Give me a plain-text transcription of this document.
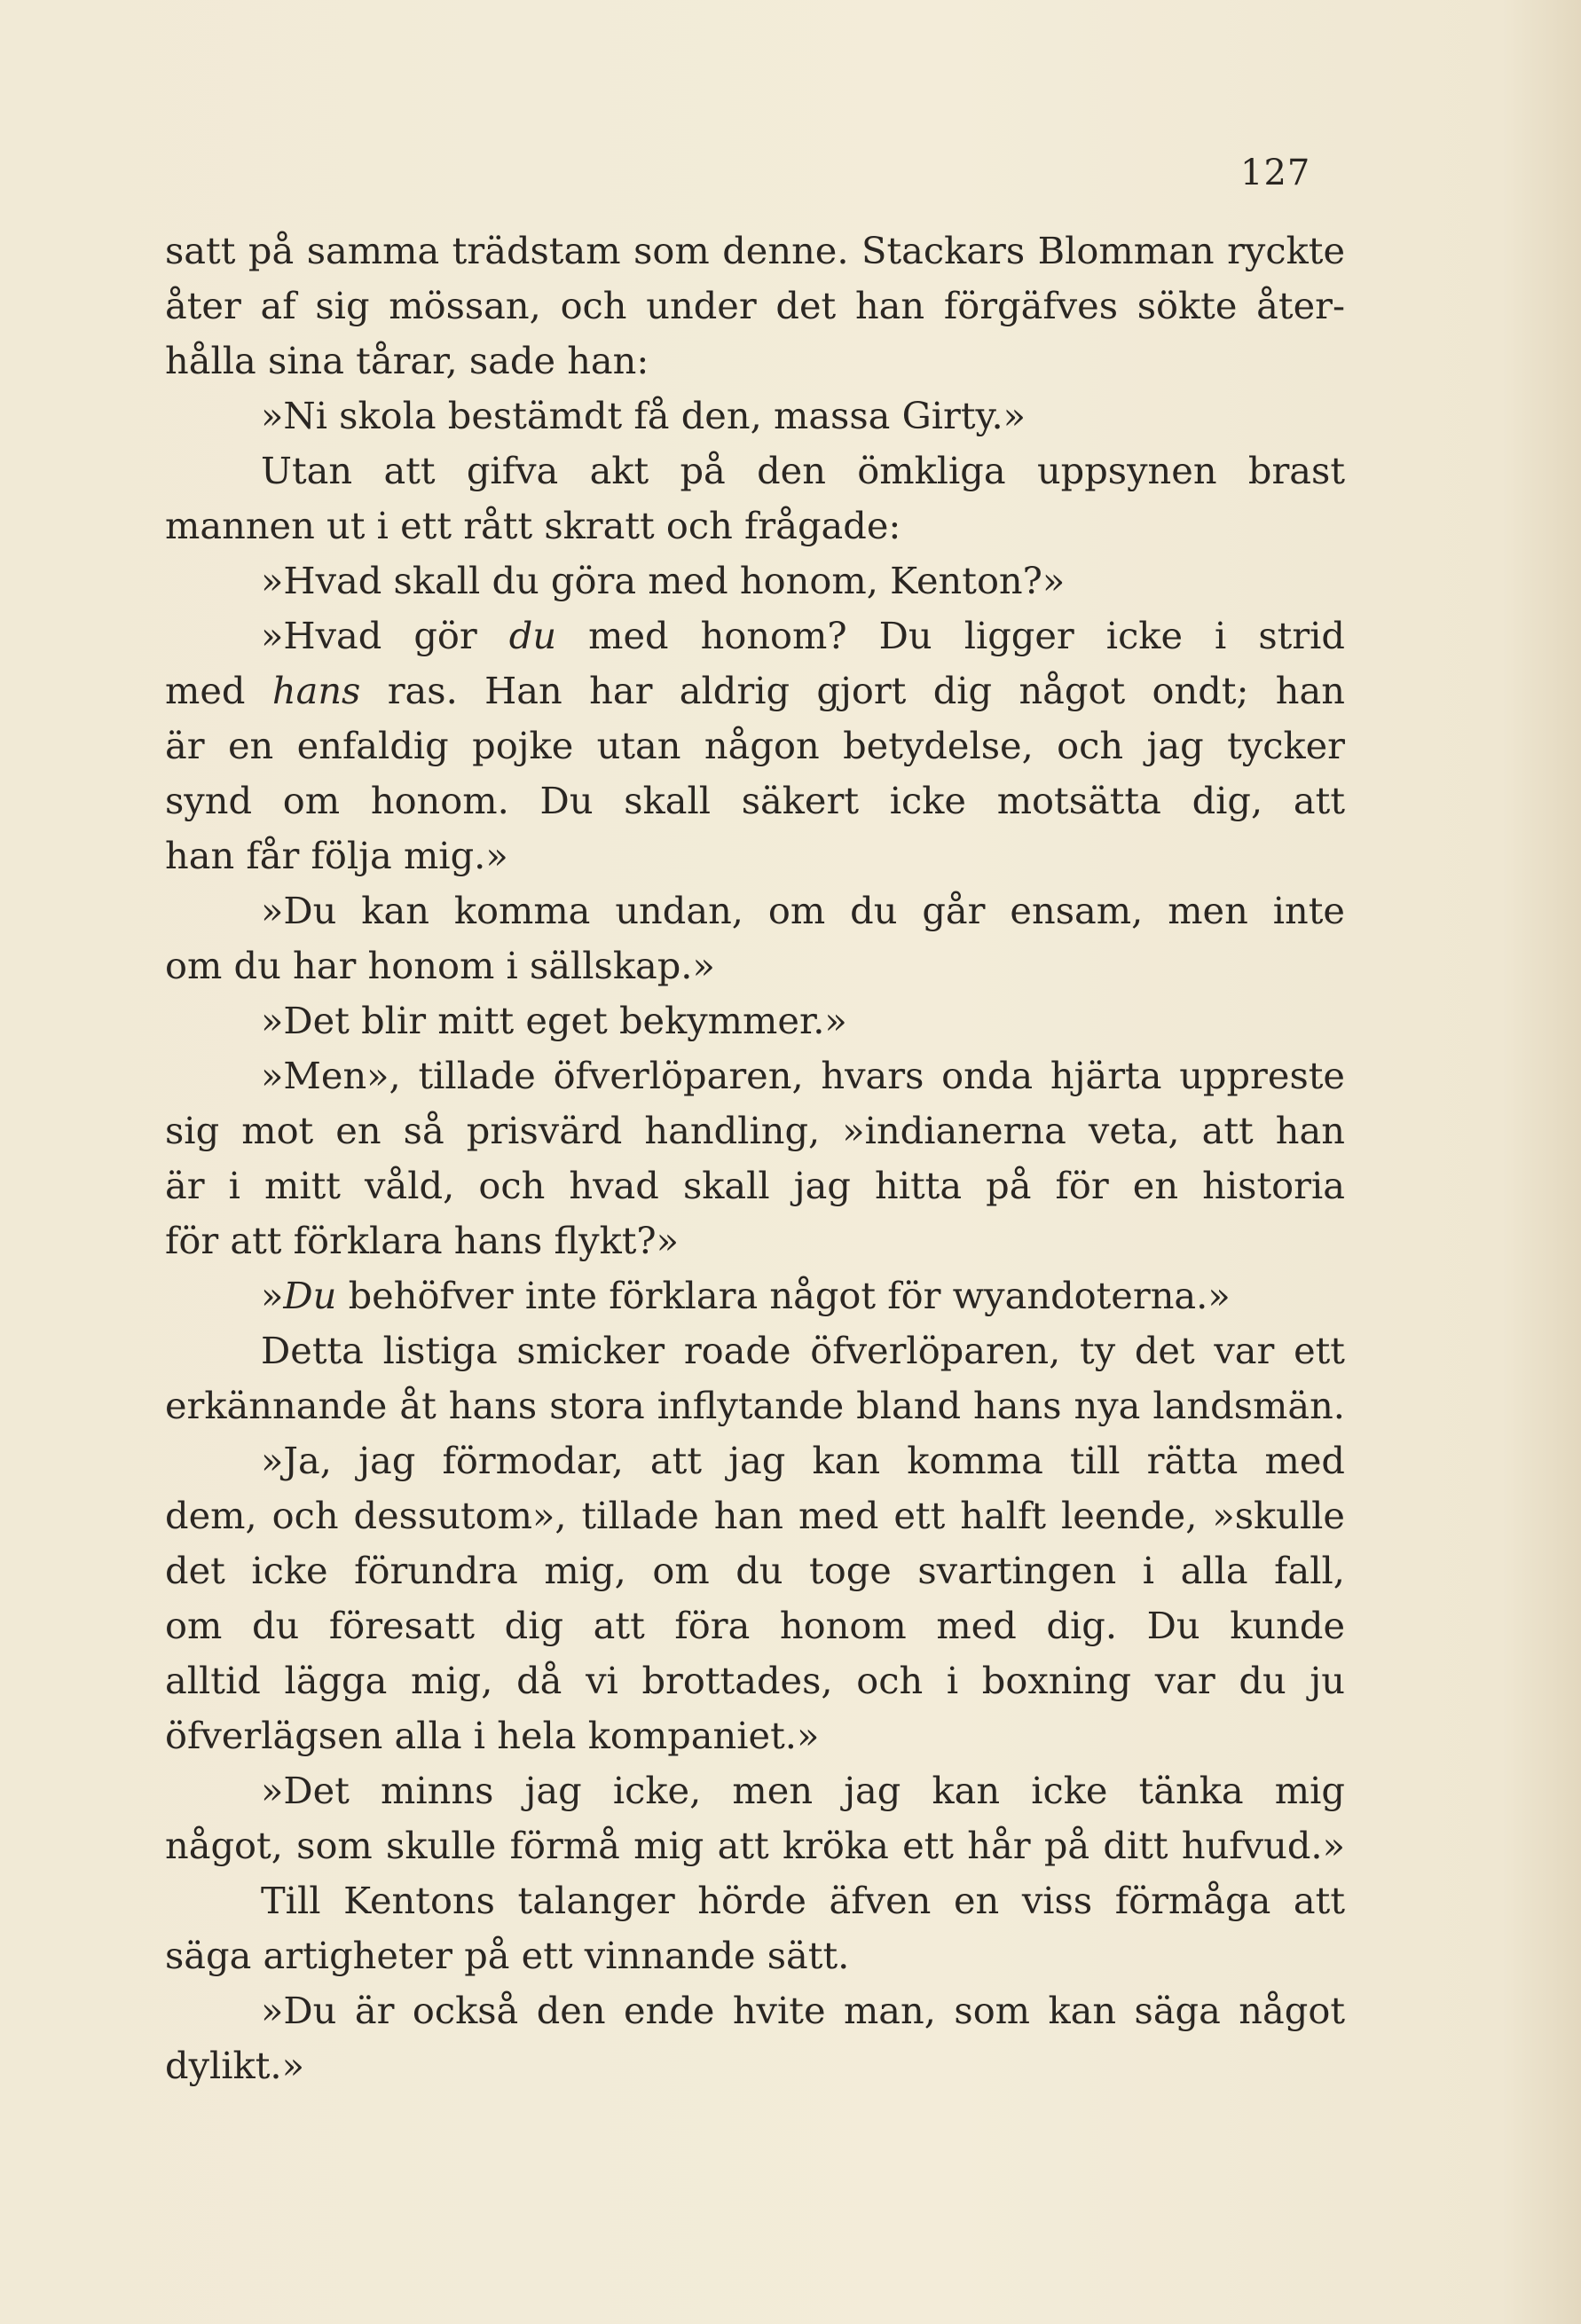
127
satt på samma trädstam som denne. Stackars Blomman ryckte
åter af sig mössan, och under det han förgäfves sökte åter-
hålla sina tårar, sade han:
»Ni skola bestämdt få den, massa Girty.»
Utan att gifva akt på den ömkliga uppsynen brast
mannen ut i ett rått skratt och frågade:
»Hvad skall du göra med honom, Kenton?»
»Hvad gör du med honom? Du ligger icke i strid
med hans ras. Han har aldrig gjort dig något ondt; han
är en enfaldig pojke utan någon betydelse, och jag tycker
synd om honom. Du skall säkert icke motsätta dig, att
han får följa mig.»
»Du kan komma undan, om du går ensam, men inte
om du har honom i sällskap.»
»Det blir mitt eget bekymmer.»
»Men», tillade öfverlöparen, hvars onda hjärta uppreste
sig mot en så prisvärd handling, »indianerna veta, att han
är i mitt våld, och hvad skall jag hitta på för en historia
för att förklara hans flykt?»
»Du behöfver inte förklara något för wyandoterna.»
Detta listiga smicker roade öfverlöparen, ty det var ett
erkännande åt hans stora inflytande bland hans nya landsmän.
»Ja, jag förmodar, att jag kan komma till rätta med
dem, och dessutom», tillade han med ett halft leende, »skulle
det icke förundra mig, om du toge svartingen i alla fall,
om du föresatt dig att föra honom med dig. Du kunde
alltid lägga mig, då vi brottades, och i boxning var du ju
öfverlägsen alla i hela kompaniet.»
»Det minns jag icke, men jag kan icke tänka mig
något, som skulle förmå mig att kröka ett hår på ditt hufvud.»
Till Kentons talanger hörde äfven en viss förmåga att
säga artigheter på ett vinnande sätt.
»Du är också den ende hvite man, som kan säga något
dylikt.»
